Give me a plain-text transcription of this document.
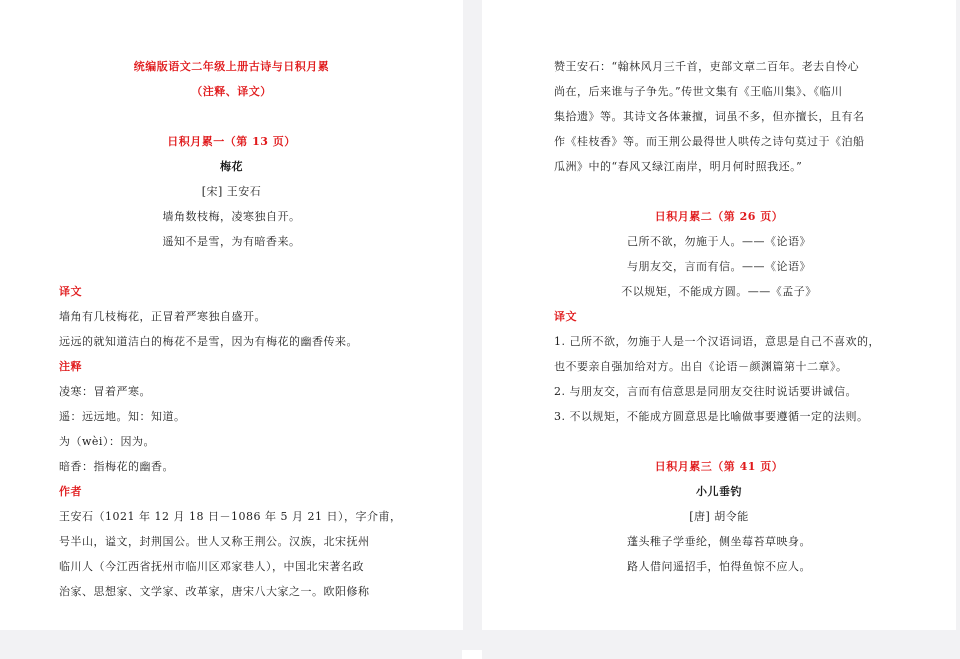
统编版语文二年级上册古诗与日积月累
（注释、译文）
日积月累一（第 13 页）
梅花
[宋] 王安石
墙角数枝梅，凌寒独自开。
遥知不是雪，为有暗香来。
译文
墙角有几枝梅花，正冒着严寒独自盛开。
远远的就知道洁白的梅花不是雪，因为有梅花的幽香传来。
注释
凌寒：冒着严寒。
遥：远远地。知：知道。
为（wèi）：因为。
暗香：指梅花的幽香。
作者
王安石（1021 年 12 月 18 日－1086 年 5 月 21 日），字介甫，
号半山，谥文，封荆国公。世人又称王荆公。汉族，北宋抚州
临川人（今江西省抚州市临川区邓家巷人），中国北宋著名政
治家、思想家、文学家、改革家，唐宋八大家之一。欧阳修称
赞王安石：“翰林风月三千首，吏部文章二百年。老去自怜心
尚在，后来谁与子争先。”传世文集有《王临川集》、《临川
集拾遗》等。其诗文各体兼擅，词虽不多，但亦擅长，且有名
作《桂枝香》等。而王荆公最得世人哄传之诗句莫过于《泊船
瓜洲》中的“春风又绿江南岸，明月何时照我还。”
日积月累二（第 26 页）
己所不欲，勿施于人。——《论语》
与朋友交，言而有信。——《论语》
不以规矩，不能成方圆。——《孟子》
译文
1. 己所不欲，勿施于人是一个汉语词语，意思是自己不喜欢的，
也不要亲自强加给对方。出自《论语－颜渊篇第十二章》。
2. 与朋友交，言而有信意思是同朋友交往时说话要讲诚信。
3. 不以规矩，不能成方圆意思是比喻做事要遵循一定的法则。
日积月累三（第 41 页）
小儿垂钓
[唐] 胡令能
蓬头稚子学垂纶，侧坐莓苔草映身。
路人借问遥招手，怕得鱼惊不应人。
